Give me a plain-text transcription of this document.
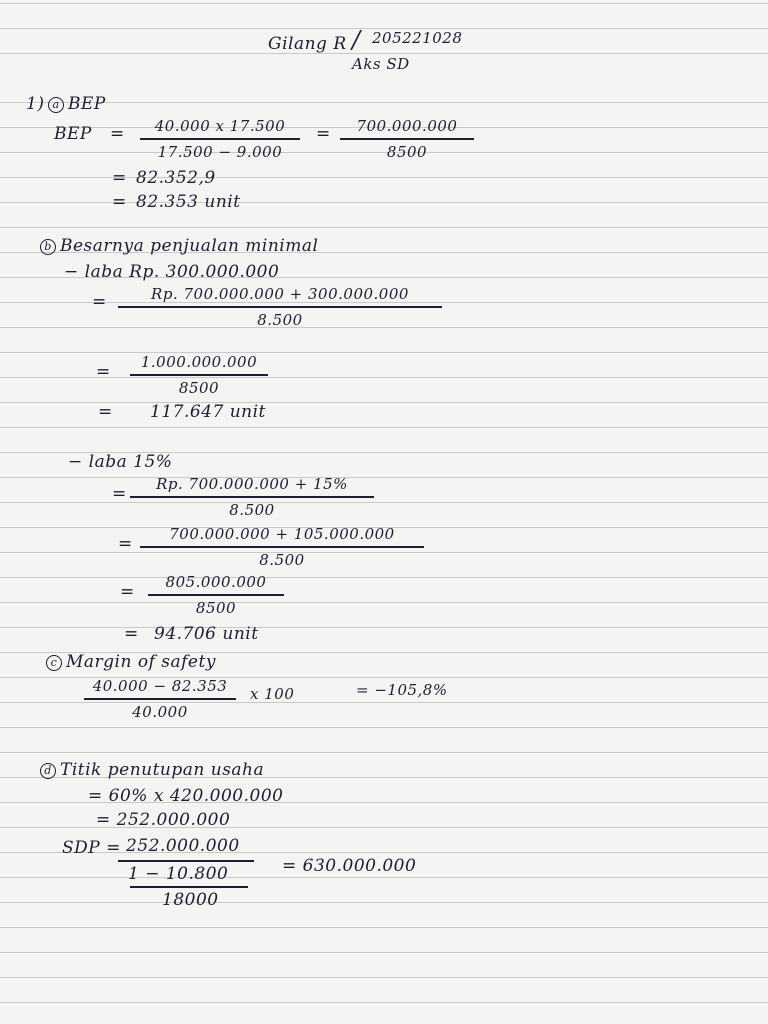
Gilang R / 205221028
Aks SD
1) a BEP
BEP =	40.000 x 17.500
17.500 − 9.000
=	700.000.000
8500
= 82.352,9
= 82.353 unit
b Besarnya penjualan minimal
− laba Rp. 300.000.000
=	Rp. 700.000.000 + 300.000.000
8.500
=	1.000.000.000
8500
= 117.647 unit
− laba 15%
=	Rp. 700.000.000 + 15%
8.500
=	700.000.000 + 105.000.000
8.500
=	805.000.000
8500
= 94.706 unit
c Margin of safety
40.000 − 82.353
40.000
x 100	= −105,8%
d Titik penutupan usaha
= 60% x 420.000.000
= 252.000.000
SDP = 252.000.000
1 − 10.800
18000
= 630.000.000
